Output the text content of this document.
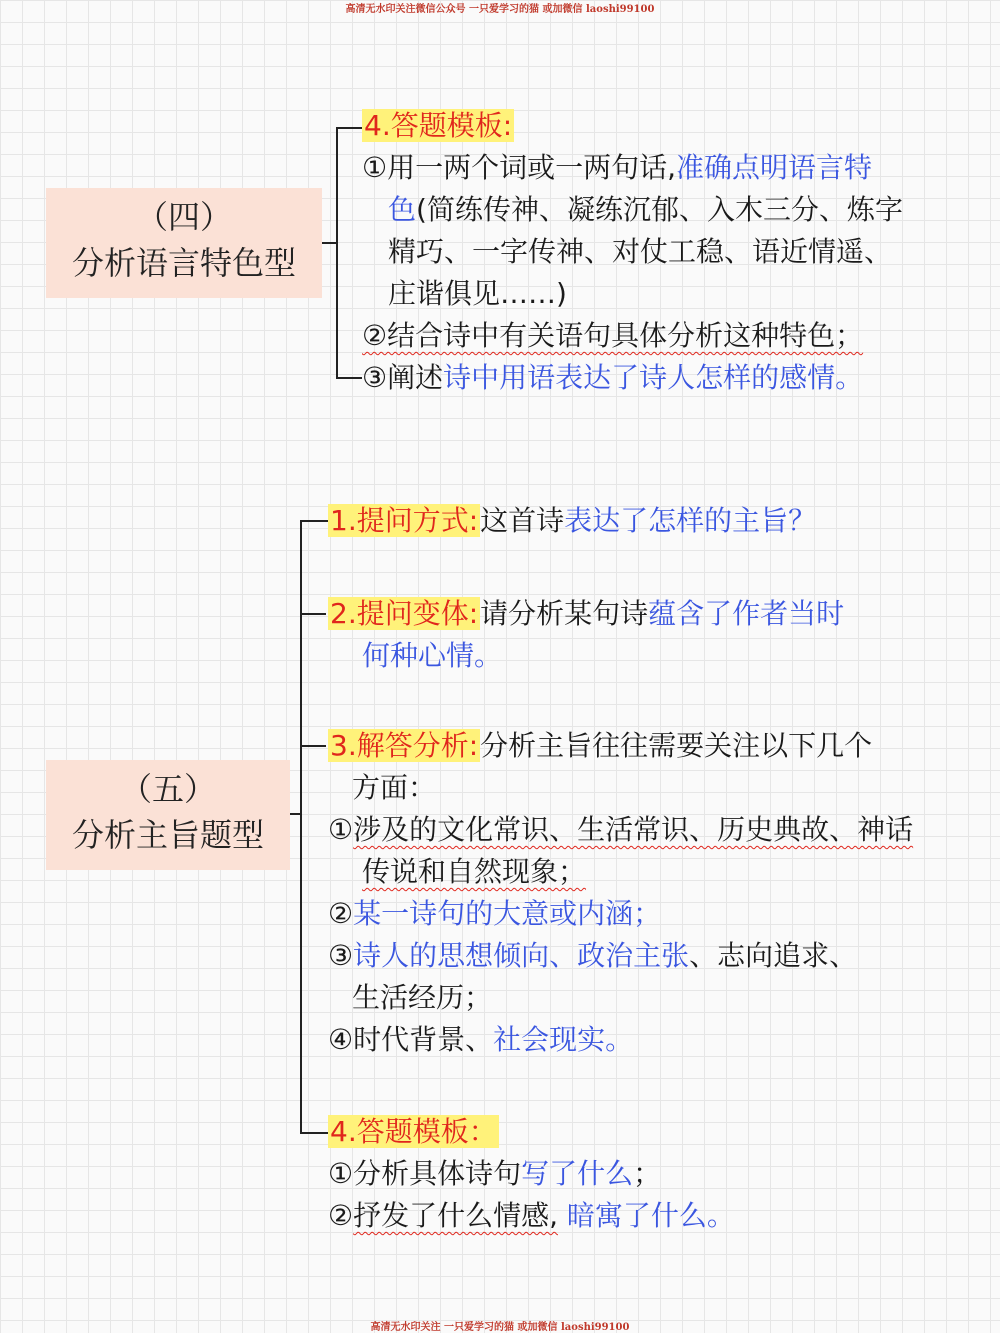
高清无水印关注微信公众号 一只爱学习的猫 或加微信 laoshi99100
（四）
分析语言特色型
4.答题模板:
①用一两个词或一两句话,准确点明语言特
色(简练传神、凝练沉郁、入木三分、炼字
精巧、一字传神、对仗工稳、语近情遥、
庄谐俱见……)
②结合诗中有关语句具体分析这种特色；
③阐述诗中用语表达了诗人怎样的感情。
（五）
分析主旨题型
1.提问方式:这首诗表达了怎样的主旨？
2.提问变体:请分析某句诗蕴含了作者当时
何种心情。
3.解答分析:分析主旨往往需要关注以下几个
方面：
①涉及的文化常识、生活常识、历史典故、神话
传说和自然现象；
②某一诗句的大意或内涵；
③诗人的思想倾向、政治主张、志向追求、
生活经历；
④时代背景、社会现实。
4.答题模板：
①分析具体诗句写了什么；
②抒发了什么情感, 暗寓了什么。
高清无水印关注 一只爱学习的猫 或加微信 laoshi99100
